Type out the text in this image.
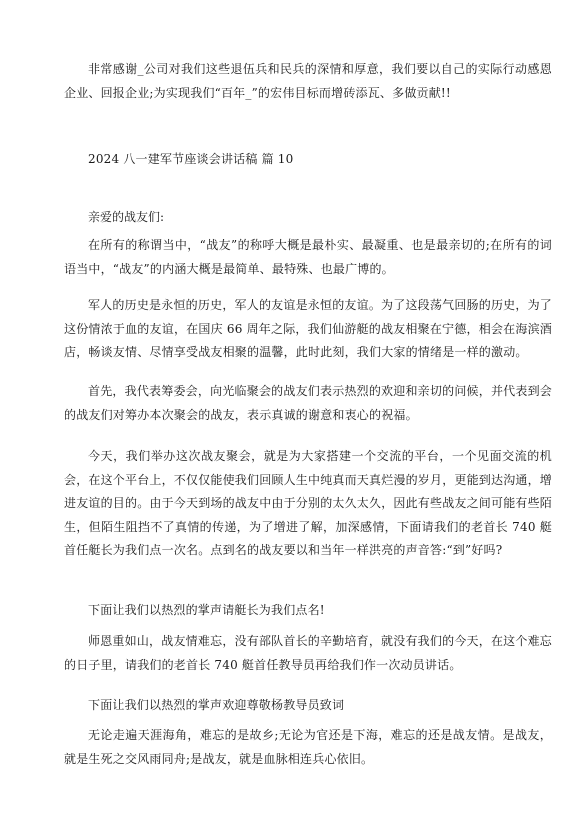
非常感谢_公司对我们这些退伍兵和民兵的深情和厚意，我们要以自己的实际行动感恩企业、回报企业;为实现我们“百年_”的宏伟目标而增砖添瓦、多做贡献!!

2024 八一建军节座谈会讲话稿 篇 10

亲爱的战友们:

在所有的称谓当中，“战友”的称呼大概是最朴实、最凝重、也是最亲切的;在所有的词语当中，“战友”的内涵大概是最简单、最特殊、也最广博的。

军人的历史是永恒的历史，军人的友谊是永恒的友谊。为了这段荡气回肠的历史，为了这份情浓于血的友谊，在国庆 66 周年之际，我们仙游艇的战友相聚在宁德，相会在海滨酒店，畅谈友情、尽情享受战友相聚的温馨，此时此刻，我们大家的情绪是一样的激动。

首先，我代表筹委会，向光临聚会的战友们表示热烈的欢迎和亲切的问候，并代表到会的战友们对筹办本次聚会的战友，表示真诚的谢意和衷心的祝福。

今天，我们举办这次战友聚会，就是为大家搭建一个交流的平台，一个见面交流的机会，在这个平台上，不仅仅能使我们回顾人生中纯真而天真烂漫的岁月，更能到达沟通，增进友谊的目的。由于今天到场的战友中由于分别的太久太久，因此有些战友之间可能有些陌生，但陌生阻挡不了真情的传递，为了增进了解，加深感情，下面请我们的老首长 740 艇首任艇长为我们点一次名。点到名的战友要以和当年一样洪亮的声音答:“到”好吗?

下面让我们以热烈的掌声请艇长为我们点名!

师恩重如山，战友情难忘，没有部队首长的辛勤培育，就没有我们的今天，在这个难忘的日子里，请我们的老首长 740 艇首任教导员再给我们作一次动员讲话。

下面让我们以热烈的掌声欢迎尊敬杨教导员致词

无论走遍天涯海角，难忘的是故乡;无论为官还是下海，难忘的还是战友情。是战友，就是生死之交风雨同舟;是战友，就是血脉相连兵心依旧。
